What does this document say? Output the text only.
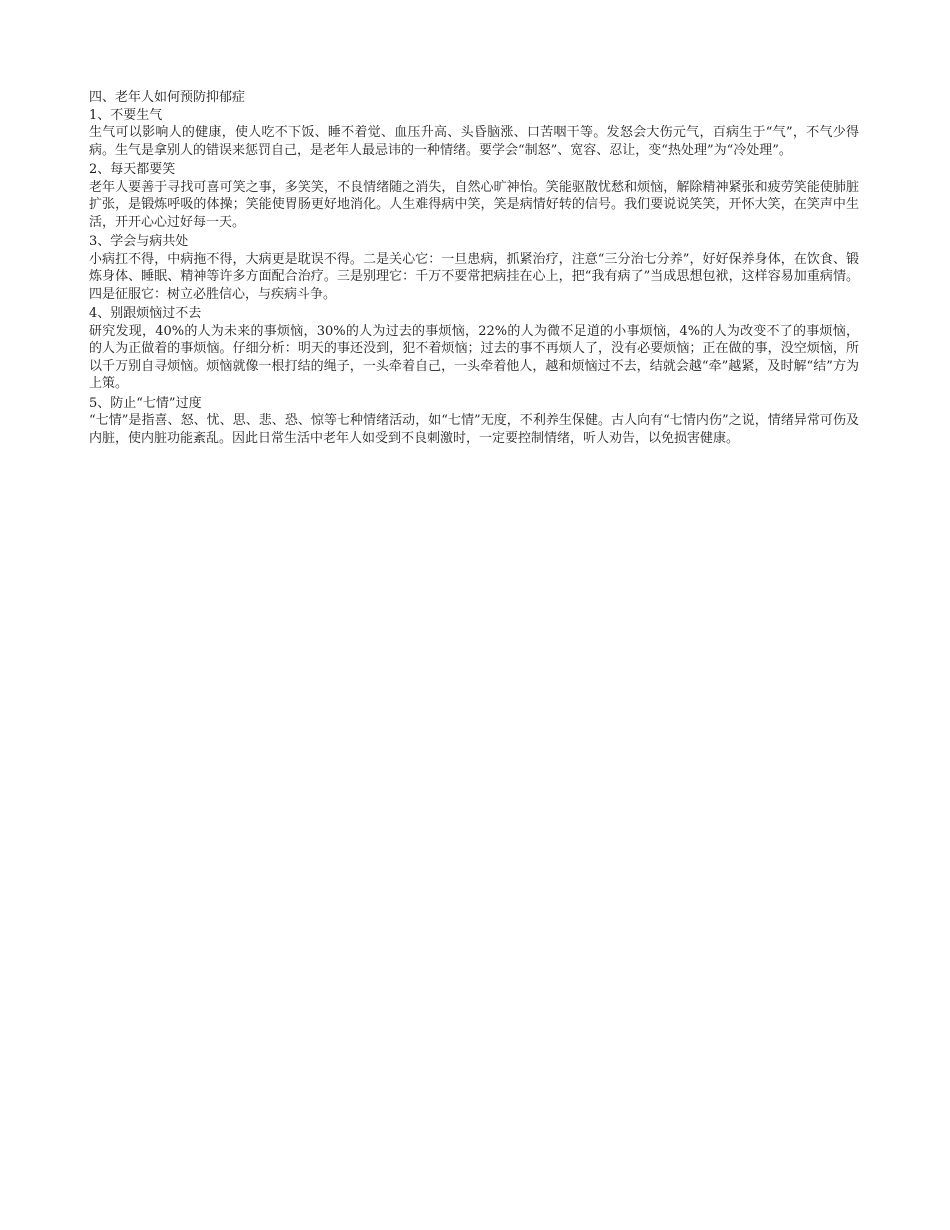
四、老年人如何预防抑郁症

1、不要生气

生气可以影响人的健康，使人吃不下饭、睡不着觉、血压升高、头昏脑涨、口苦咽干等。发怒会大伤元气，百病生于“气”，不气少得病。生气是拿别人的错误来惩罚自己，是老年人最忌讳的一种情绪。要学会“制怒”、宽容、忍让，变“热处理”为“冷处理”。

2、每天都要笑

老年人要善于寻找可喜可笑之事，多笑笑，不良情绪随之消失，自然心旷神怡。笑能驱散忧愁和烦恼，解除精神紧张和疲劳笑能使肺脏扩张，是锻炼呼吸的体操；笑能使胃肠更好地消化。人生难得病中笑，笑是病情好转的信号。我们要说说笑笑，开怀大笑，在笑声中生活，开开心心过好每一天。

3、学会与病共处

小病扛不得，中病拖不得，大病更是耽误不得。二是关心它：一旦患病，抓紧治疗，注意“三分治七分养”，好好保养身体，在饮食、锻炼身体、睡眠、精神等许多方面配合治疗。三是别理它：千万不要常把病挂在心上，把“我有病了”当成思想包袱，这样容易加重病情。四是征服它：树立必胜信心，与疾病斗争。

4、别跟烦恼过不去

研究发现，40%的人为未来的事烦恼，30%的人为过去的事烦恼，22%的人为微不足道的小事烦恼，4%的人为改变不了的事烦恼，的人为正做着的事烦恼。仔细分析：明天的事还没到，犯不着烦恼；过去的事不再烦人了，没有必要烦恼；正在做的事，没空烦恼，所以千万别自寻烦恼。烦恼就像一根打结的绳子，一头牵着自己，一头牵着他人，越和烦恼过不去，结就会越“牵”越紧，及时解“结”方为上策。

5、防止“七情”过度

“七情”是指喜、怒、忧、思、悲、恐、惊等七种情绪活动，如“七情”无度，不利养生保健。古人向有“七情内伤”之说，情绪异常可伤及内脏，使内脏功能紊乱。因此日常生活中老年人如受到不良刺激时，一定要控制情绪，听人劝告，以免损害健康。
